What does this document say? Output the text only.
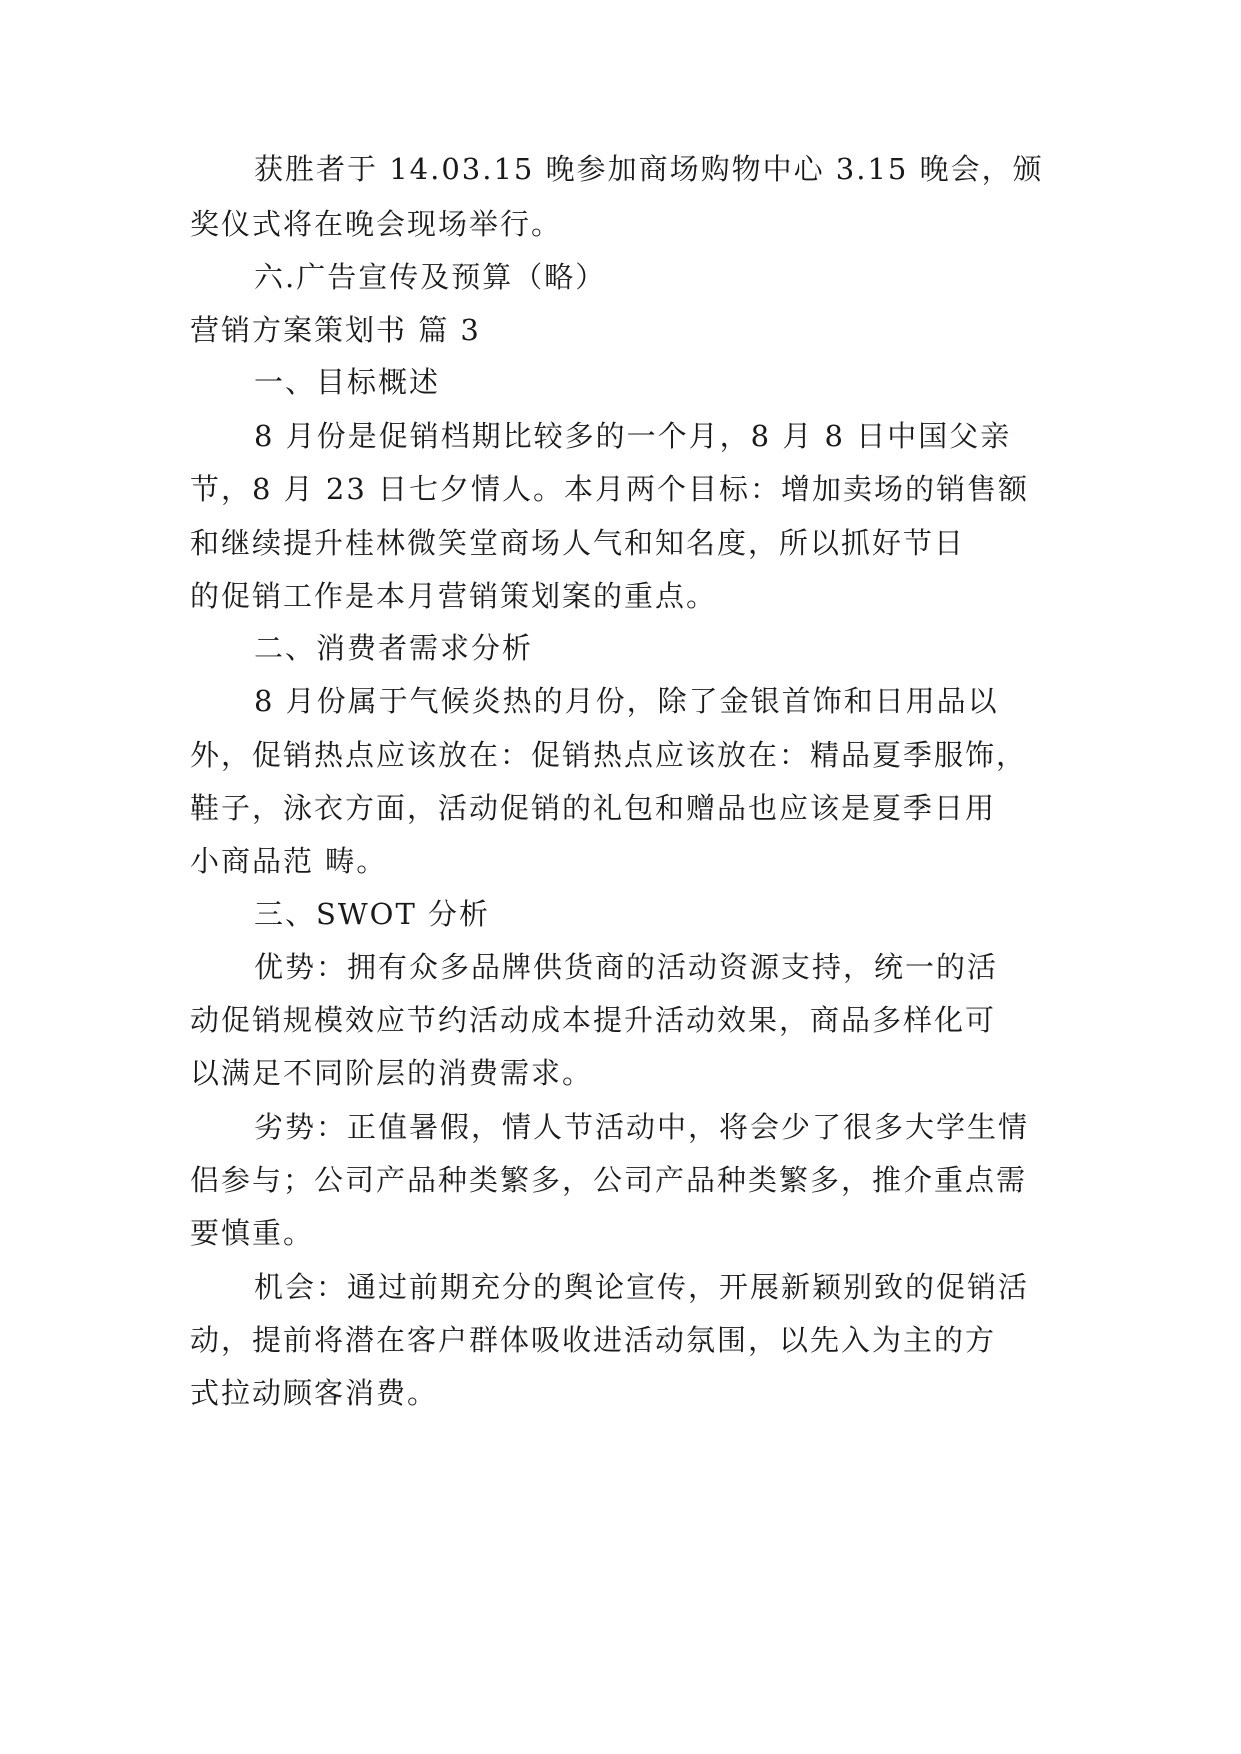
获胜者于 14.03.15 晚参加商场购物中心 3.15 晚会，颁
奖仪式将在晚会现场举行。
六.广告宣传及预算（略）
营销方案策划书 篇 3
一、目标概述
8 月份是促销档期比较多的一个月，8 月 8 日中国父亲
节，8 月 23 日七夕情人。本月两个目标：增加卖场的销售额
和继续提升桂林微笑堂商场人气和知名度，所以抓好节日
的促销工作是本月营销策划案的重点。
二、消费者需求分析
8 月份属于气候炎热的月份，除了金银首饰和日用品以
外，促销热点应该放在：促销热点应该放在：精品夏季服饰，
鞋子，泳衣方面，活动促销的礼包和赠品也应该是夏季日用
小商品范 畴。
三、SWOT 分析
优势：拥有众多品牌供货商的活动资源支持，统一的活
动促销规模效应节约活动成本提升活动效果，商品多样化可
以满足不同阶层的消费需求。
劣势：正值暑假，情人节活动中，将会少了很多大学生情
侣参与；公司产品种类繁多，公司产品种类繁多，推介重点需
要慎重。
机会：通过前期充分的舆论宣传，开展新颖别致的促销活
动，提前将潜在客户群体吸收进活动氛围，以先入为主的方
式拉动顾客消费。
